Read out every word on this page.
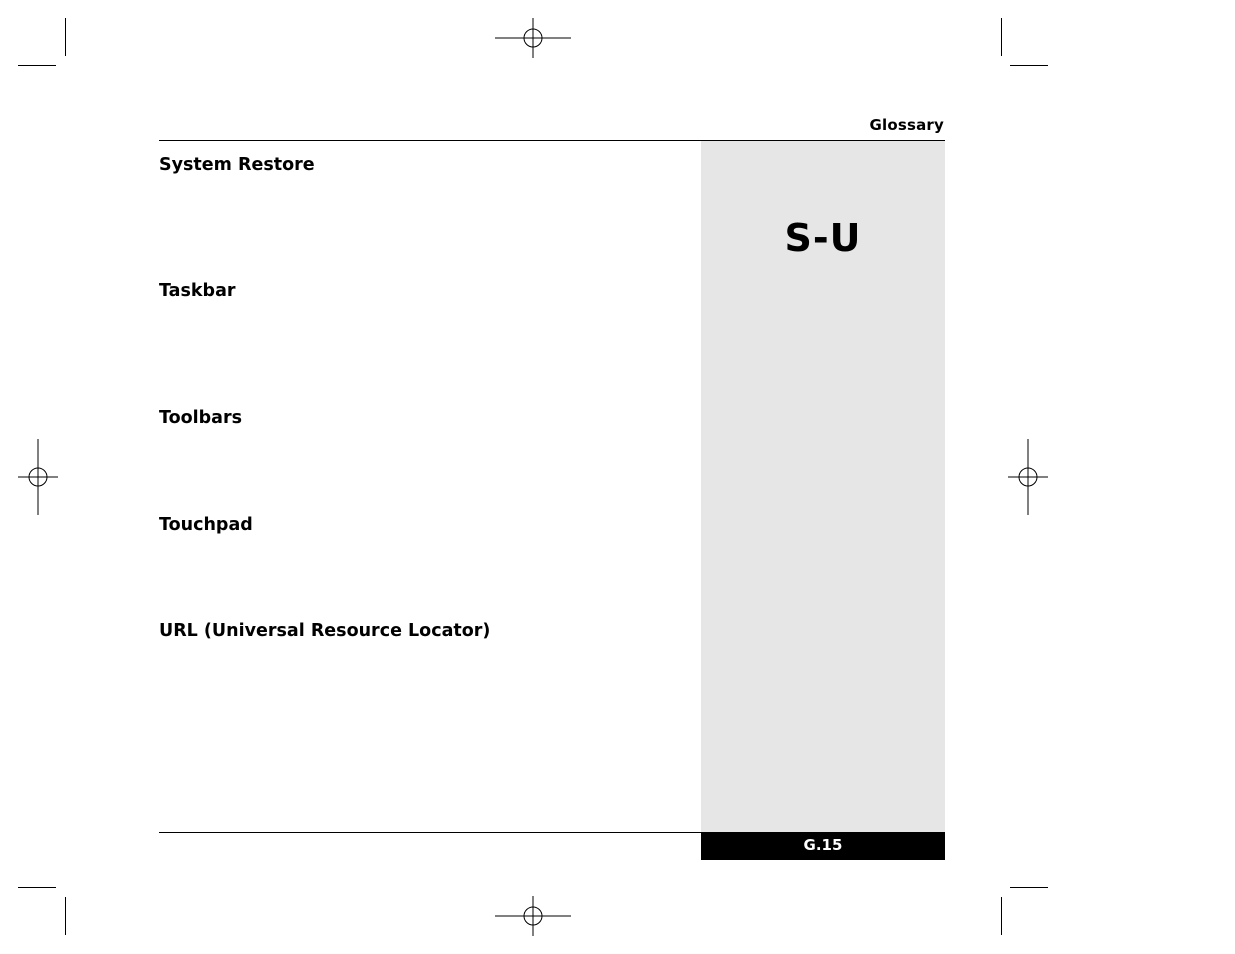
Glossary
S-U
System Restore
Taskbar
Toolbars
Touchpad
URL (Universal Resource Locator)
G.15
